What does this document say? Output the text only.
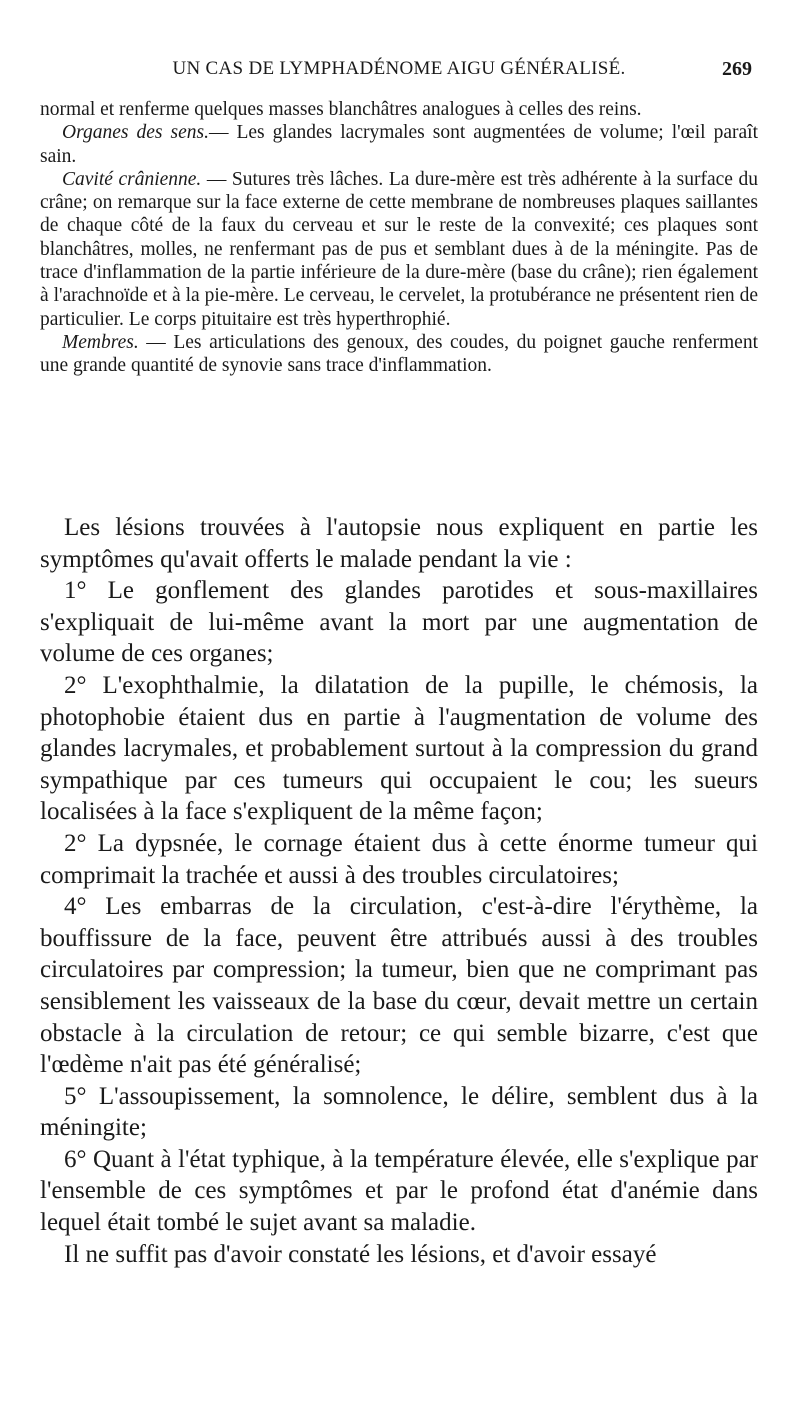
UN CAS DE LYMPHADÉNOME AIGU GÉNÉRALISÉ.	269

normal et renferme quelques masses blanchâtres analogues à celles des reins.

Organes des sens.— Les glandes lacrymales sont augmentées de volume; l'œil paraît sain.

Cavité crânienne. — Sutures très lâches. La dure-mère est très adhérente à la surface du crâne; on remarque sur la face externe de cette membrane de nombreuses plaques saillantes de chaque côté de la faux du cerveau et sur le reste de la convexité; ces plaques sont blanchâtres, molles, ne renfermant pas de pus et semblant dues à de la méningite. Pas de trace d'inflammation de la partie inférieure de la dure-mère (base du crâne); rien également à l'arachnoïde et à la pie-mère. Le cerveau, le cervelet, la protubérance ne présentent rien de particulier. Le corps pituitaire est très hyperthrophié.

Membres. — Les articulations des genoux, des coudes, du poignet gauche renferment une grande quantité de synovie sans trace d'inflammation.

Les lésions trouvées à l'autopsie nous expliquent en partie les symptômes qu'avait offerts le malade pendant la vie :

1° Le gonflement des glandes parotides et sous-maxillaires s'expliquait de lui-même avant la mort par une augmentation de volume de ces organes;

2° L'exophthalmie, la dilatation de la pupille, le chémosis, la photophobie étaient dus en partie à l'augmentation de volume des glandes lacrymales, et probablement surtout à la compression du grand sympathique par ces tumeurs qui occupaient le cou; les sueurs localisées à la face s'expliquent de la même façon;

2° La dypsnée, le cornage étaient dus à cette énorme tumeur qui comprimait la trachée et aussi à des troubles circulatoires;

4° Les embarras de la circulation, c'est-à-dire l'érythème, la bouffissure de la face, peuvent être attribués aussi à des troubles circulatoires par compression; la tumeur, bien que ne comprimant pas sensiblement les vaisseaux de la base du cœur, devait mettre un certain obstacle à la circulation de retour; ce qui semble bizarre, c'est que l'œdème n'ait pas été généralisé;

5° L'assoupissement, la somnolence, le délire, semblent dus à la méningite;

6° Quant à l'état typhique, à la température élevée, elle s'explique par l'ensemble de ces symptômes et par le profond état d'anémie dans lequel était tombé le sujet avant sa maladie.

Il ne suffit pas d'avoir constaté les lésions, et d'avoir essayé
